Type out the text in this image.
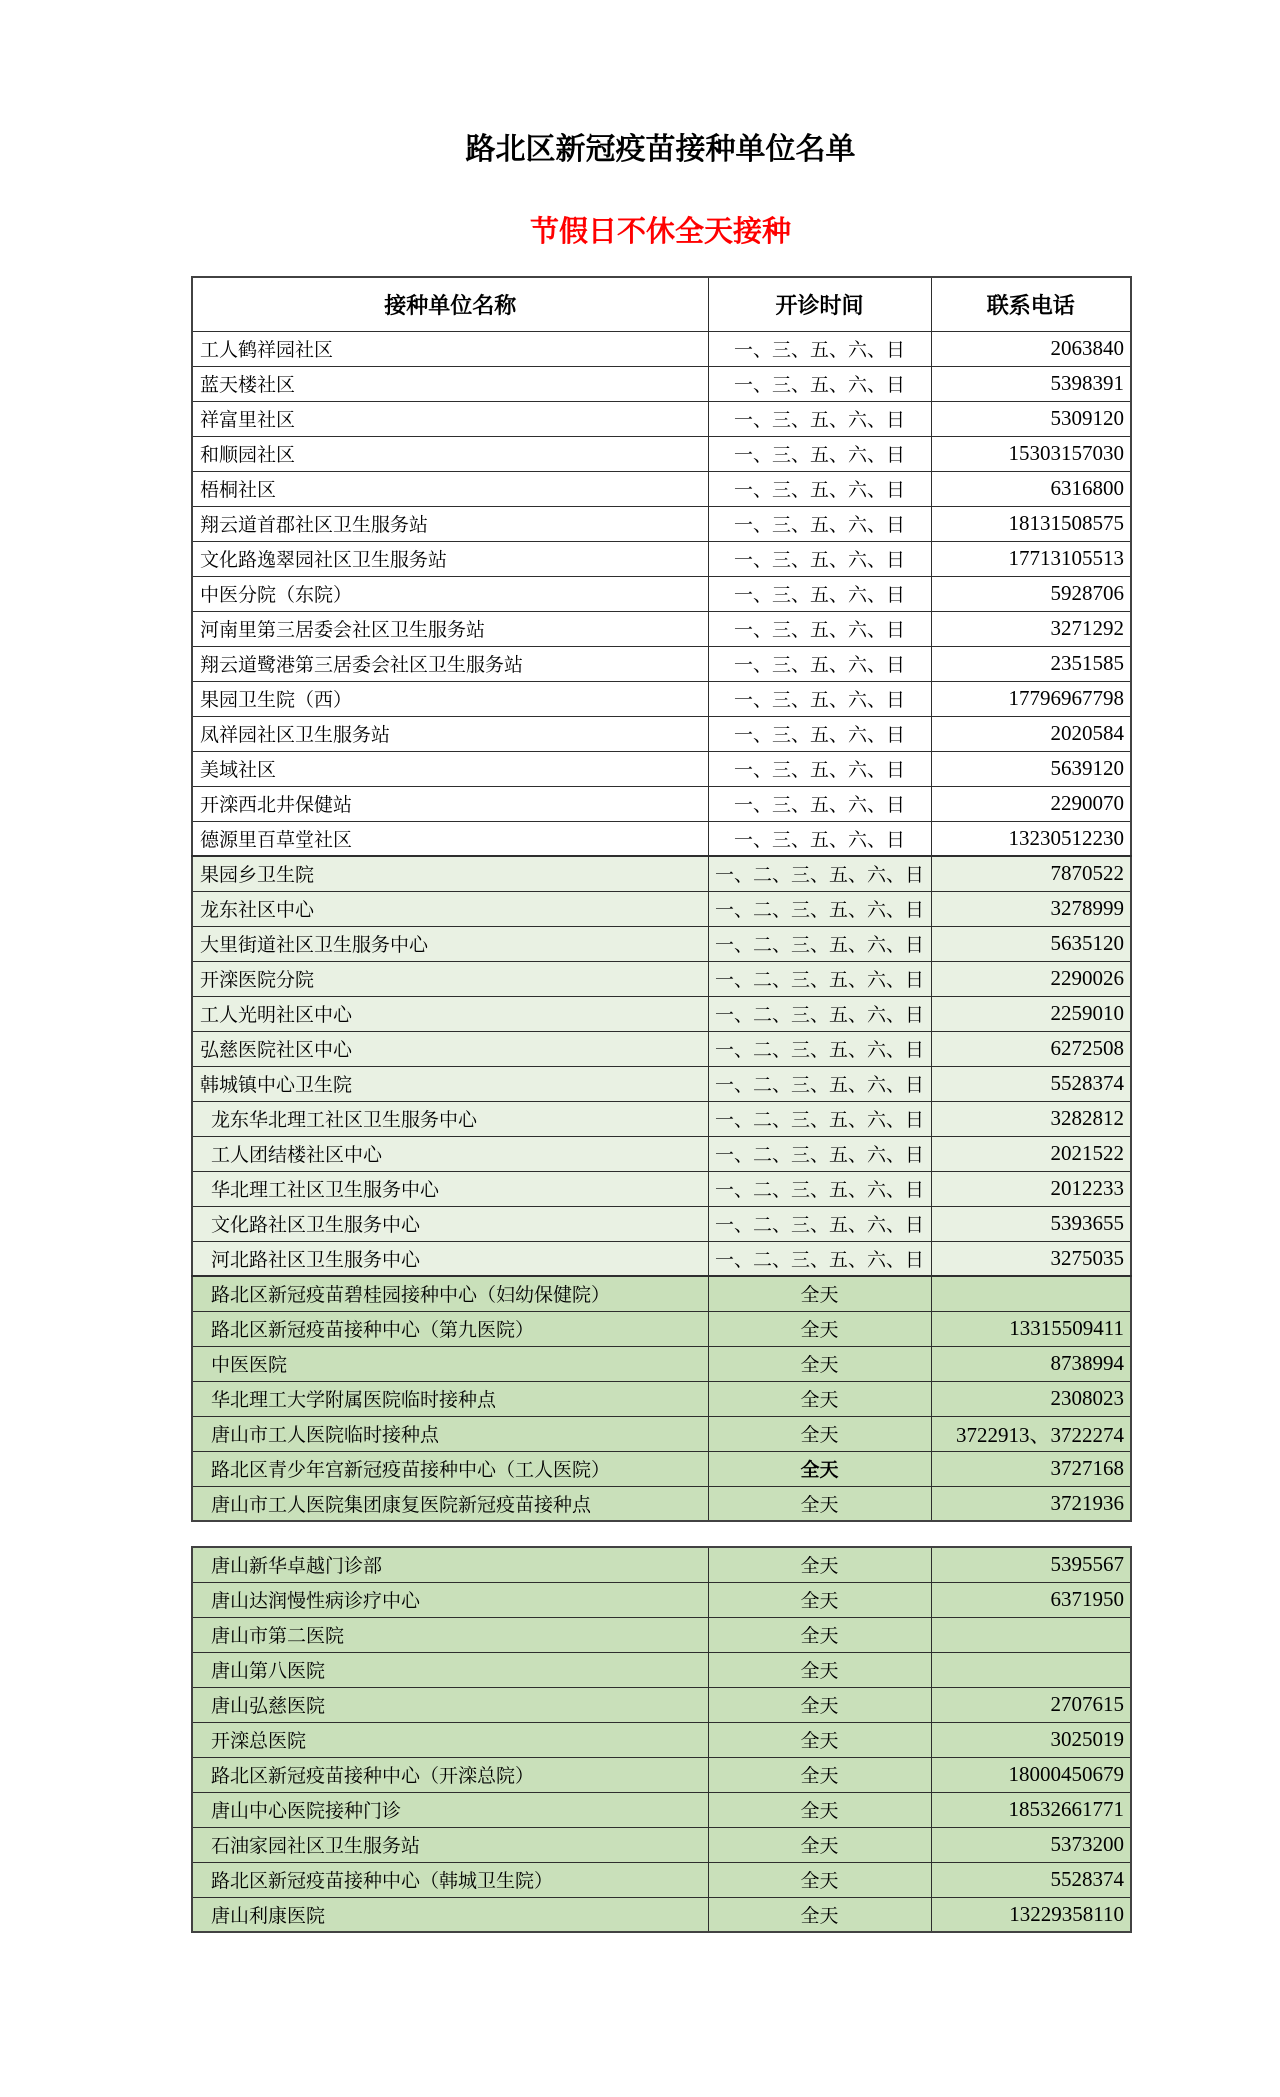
路北区新冠疫苗接种单位名单
节假日不休全天接种
接种单位名称	开诊时间	联系电话
工人鹤祥园社区	一、三、五、六、日	2063840
蓝天楼社区	一、三、五、六、日	5398391
祥富里社区	一、三、五、六、日	5309120
和顺园社区	一、三、五、六、日	15303157030
梧桐社区	一、三、五、六、日	6316800
翔云道首郡社区卫生服务站	一、三、五、六、日	18131508575
文化路逸翠园社区卫生服务站	一、三、五、六、日	17713105513
中医分院（东院）	一、三、五、六、日	5928706
河南里第三居委会社区卫生服务站	一、三、五、六、日	3271292
翔云道鹭港第三居委会社区卫生服务站	一、三、五、六、日	2351585
果园卫生院（西）	一、三、五、六、日	17796967798
凤祥园社区卫生服务站	一、三、五、六、日	2020584
美域社区	一、三、五、六、日	5639120
开滦西北井保健站	一、三、五、六、日	2290070
德源里百草堂社区	一、三、五、六、日	13230512230
果园乡卫生院	一、二、三、五、六、日	7870522
龙东社区中心	一、二、三、五、六、日	3278999
大里街道社区卫生服务中心	一、二、三、五、六、日	5635120
开滦医院分院	一、二、三、五、六、日	2290026
工人光明社区中心	一、二、三、五、六、日	2259010
弘慈医院社区中心	一、二、三、五、六、日	6272508
韩城镇中心卫生院	一、二、三、五、六、日	5528374
龙东华北理工社区卫生服务中心	一、二、三、五、六、日	3282812
工人团结楼社区中心	一、二、三、五、六、日	2021522
华北理工社区卫生服务中心	一、二、三、五、六、日	2012233
文化路社区卫生服务中心	一、二、三、五、六、日	5393655
河北路社区卫生服务中心	一、二、三、五、六、日	3275035
路北区新冠疫苗碧桂园接种中心（妇幼保健院）	全天	
路北区新冠疫苗接种中心（第九医院）	全天	13315509411
中医医院	全天	8738994
华北理工大学附属医院临时接种点	全天	2308023
唐山市工人医院临时接种点	全天	3722913、3722274
路北区青少年宫新冠疫苗接种中心（工人医院）	全天	3727168
唐山市工人医院集团康复医院新冠疫苗接种点	全天	3721936
唐山新华卓越门诊部	全天	5395567
唐山达润慢性病诊疗中心	全天	6371950
唐山市第二医院	全天	
唐山第八医院	全天	
唐山弘慈医院	全天	2707615
开滦总医院	全天	3025019
路北区新冠疫苗接种中心（开滦总院）	全天	18000450679
唐山中心医院接种门诊	全天	18532661771
石油家园社区卫生服务站	全天	5373200
路北区新冠疫苗接种中心（韩城卫生院）	全天	5528374
唐山利康医院	全天	13229358110
